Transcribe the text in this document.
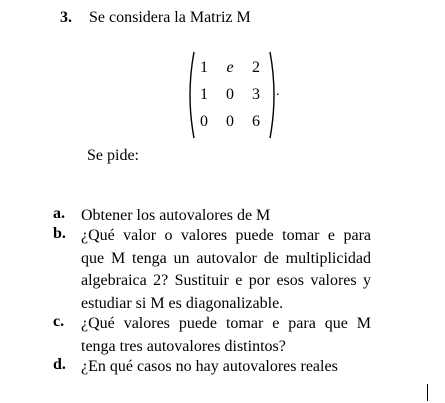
3. Se considera la Matriz M
1	e	2
1	0	3
0	0	6
.
Se pide:
a. Obtener los autovalores de M
b. ¿Qué valor o valores puede tomar e para
que M tenga un autovalor de multiplicidad
algebraica 2? Sustituir e por esos valores y
estudiar si M es diagonalizable.
c. ¿Qué valores puede tomar e para que M
tenga tres autovalores distintos?
d. ¿En qué casos no hay autovalores reales
